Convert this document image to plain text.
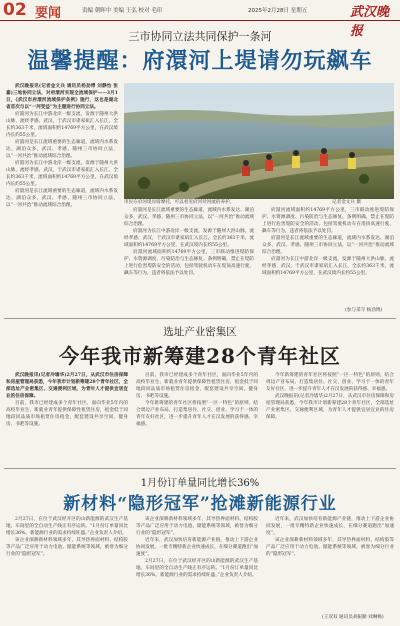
02 要闻	责编 朝晖中 美编 王弘 校对 毛印	2025年2月28日 星期五	武汉晚报
三市协同立法共同保护一条河
温馨提醒：府澴河上堤请勿玩飙车

武汉晚报讯(记者金文兵 通讯员杨劲博 刘静怡 张嘉)三地协同立法，对府澴河实现全流域保护——3月1日，《武汉市府澴河流域保护条例》施行，这也是湖北省首次与以“一河受益”为主题进行协同立法。

府澴河为长江中游北岸一级支流，发源于随州大洪山脉，流经孝感、武汉，于武汉市谌家矶汇入长江，全长约363千米，流域面积约14769平方公里，在武汉境内长约55公里。

府澴河是长江流域重要的生态廊道，流域内水系发达、湖泊众多，武汉、孝感、随州三市协同立法，以“一河共治”推动流域综合治理。

府澴河为长江中游北岸一级支流，发源于随州大洪山脉，流经孝感、武汉，于武汉市谌家矶汇入长江，全长约363千米，流域面积约14769平方公里，在武汉境内长约55公里。

府澴河是长江流域重要的生态廊道，流域内水系发达、湖泊众多，武汉、孝感、随州三市协同立法，以“一河共治”推动流域综合治理。

市民在府河堤岸骑摩托，可以看见府河对河流的养护。	记者金文兵 摄

府澴河是长江流域重要的生态廊道，流域内水系发达、湖泊众多，武汉、孝感、随州三市协同立法，以“一河共治”推动流域综合治理。

府澴河为长江中游北岸一级支流，发源于随州大洪山脉，流经孝感、武汉，于武汉市谌家矶汇入长江，全长约363千米，流域面积约14769平方公里，在武汉境内长约55公里。

府澴河流域面积约14769平方公里，三市联动推进堤防保护、水资源调度、污染防治与生态修复。条例明确，禁止在堤防上进行危害堤防安全的活动，包括驾驶机动车在堤顶高速行驶、飙车等行为，违者将依法予以处罚。

府澴河流域面积约14769平方公里，三市联动推进堤防保护、水资源调度、污染防治与生态修复。条例明确，禁止在堤防上进行危害堤防安全的活动，包括驾驶机动车在堤顶高速行驶、飙车等行为，违者将依法予以处罚。

府澴河是长江流域重要的生态廊道，流域内水系发达、湖泊众多，武汉、孝感、随州三市协同立法，以“一河共治”推动流域综合治理。

府澴河为长江中游北岸一级支流，发源于随州大洪山脉，流经孝感、武汉，于武汉市谌家矶汇入长江，全长约363千米，流域面积约14769平方公里，在武汉境内长约55公里。

(参与采写 杨劲博)
选址产业密集区
今年我市新筹建28个青年社区

武汉晚报讯(记者冷墙华)2月27日，从武汉市住房保障和房屋管理局获悉，今年我市计划新筹建28个青年社区，全部选址产业密集区、交通便利区域，为青年人才提供宜居宜业的住房保障。

目前，我市已经建成多个青年社区，面向毕业5年内的高校毕业生、新就业青年提供保障性租赁住房，租金低于同地段同品质市场租赁住房租金，配套建设共享空间、健身房、书吧等设施。

目前，我市已经建成多个青年社区，面向毕业5年内的高校毕业生、新就业青年提供保障性租赁住房，租金低于同地段同品质市场租赁住房租金，配套建设共享空间、健身房、书吧等设施。

今年新筹建的青年社区将按照“一区一特色”的原则，结合周边产业布局，打造集居住、社交、创业、学习于一体的青年友好社区，进一步提升青年人才在汉发展的获得感、幸福感。

今年新筹建的青年社区将按照“一区一特色”的原则，结合周边产业布局，打造集居住、社交、创业、学习于一体的青年友好社区，进一步提升青年人才在汉发展的获得感、幸福感。

武汉晚报讯(记者冷墙华)2月27日，从武汉市住房保障和房屋管理局获悉，今年我市计划新筹建28个青年社区，全部选址产业密集区、交通便利区域，为青年人才提供宜居宜业的住房保障。

1月份订单量同比增长36%
新材料“隐形冠军”抢滩新能源行业

2月27日，在位于武汉经开区的山新能源的武汉生产基地，车间里的全自动生产线正有序运转。“1月份订单量同比增长36%，新能源行业的需求持续旺盛。”企业负责人介绍。

该企业深耕新材料领域多年，其导热界面材料、结构胶等产品广泛应用于动力电池、储能系统等领域，被誉为细分行业的“隐形冠军”。

该企业深耕新材料领域多年，其导热界面材料、结构胶等产品广泛应用于动力电池、储能系统等领域，被誉为细分行业的“隐形冠军”。

近年来，武汉加快培育新能源产业链，推动上下游企业协同发展，一批专精特新企业快速成长，在细分赛道跑出“加速度”。

2月27日，在位于武汉经开区的山新能源的武汉生产基地，车间里的全自动生产线正有序运转。“1月份订单量同比增长36%，新能源行业的需求持续旺盛。”企业负责人介绍。

近年来，武汉加快培育新能源产业链，推动上下游企业协同发展，一批专精特新企业快速成长，在细分赛道跑出“加速度”。

该企业深耕新材料领域多年，其导热界面材料、结构胶等产品广泛应用于动力电池、储能系统等领域，被誉为细分行业的“隐形冠军”。

(王双双 通讯员胡振勤 刘琳畅)
